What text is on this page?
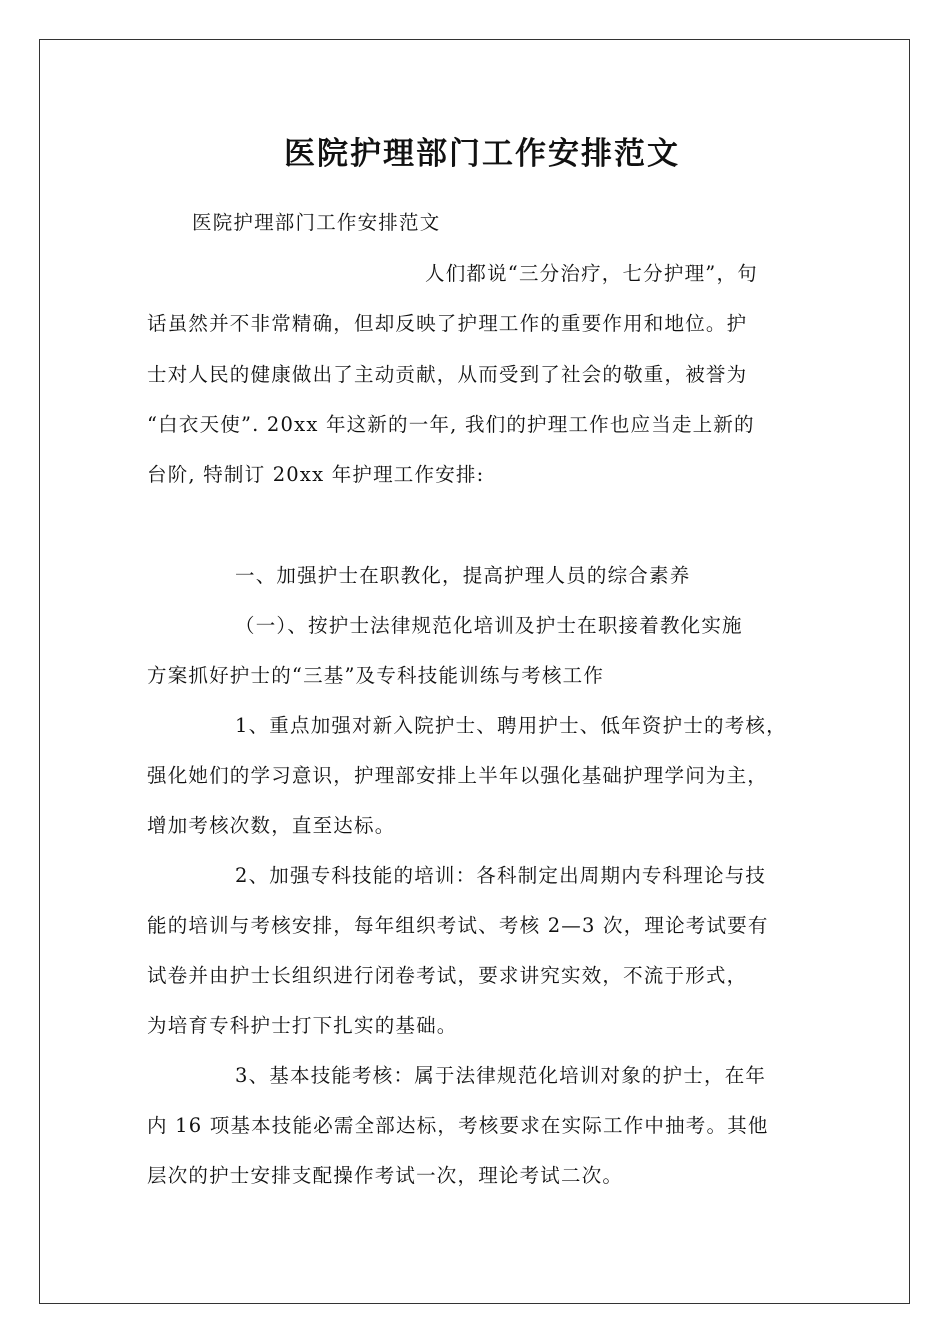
医院护理部门工作安排范文
医院护理部门工作安排范文
人们都说“三分治疗，七分护理”，句
话虽然并不非常精确，但却反映了护理工作的重要作用和地位。护
士对人民的健康做出了主动贡献，从而受到了社会的敬重，被誉为
“白衣天使”. 20xx 年这新的一年, 我们的护理工作也应当走上新的
台阶, 特制订 20xx 年护理工作安排:
一、加强护士在职教化，提高护理人员的综合素养
（一）、按护士法律规范化培训及护士在职接着教化实施
方案抓好护士的“三基”及专科技能训练与考核工作
1、重点加强对新入院护士、聘用护士、低年资护士的考核，
强化她们的学习意识，护理部安排上半年以强化基础护理学问为主，
增加考核次数，直至达标。
2、加强专科技能的培训：各科制定出周期内专科理论与技
能的培训与考核安排，每年组织考试、考核 2—3 次，理论考试要有
试卷并由护士长组织进行闭卷考试，要求讲究实效，不流于形式，
为培育专科护士打下扎实的基础。
3、基本技能考核：属于法律规范化培训对象的护士，在年
内 16 项基本技能必需全部达标，考核要求在实际工作中抽考。其他
层次的护士安排支配操作考试一次，理论考试二次。
